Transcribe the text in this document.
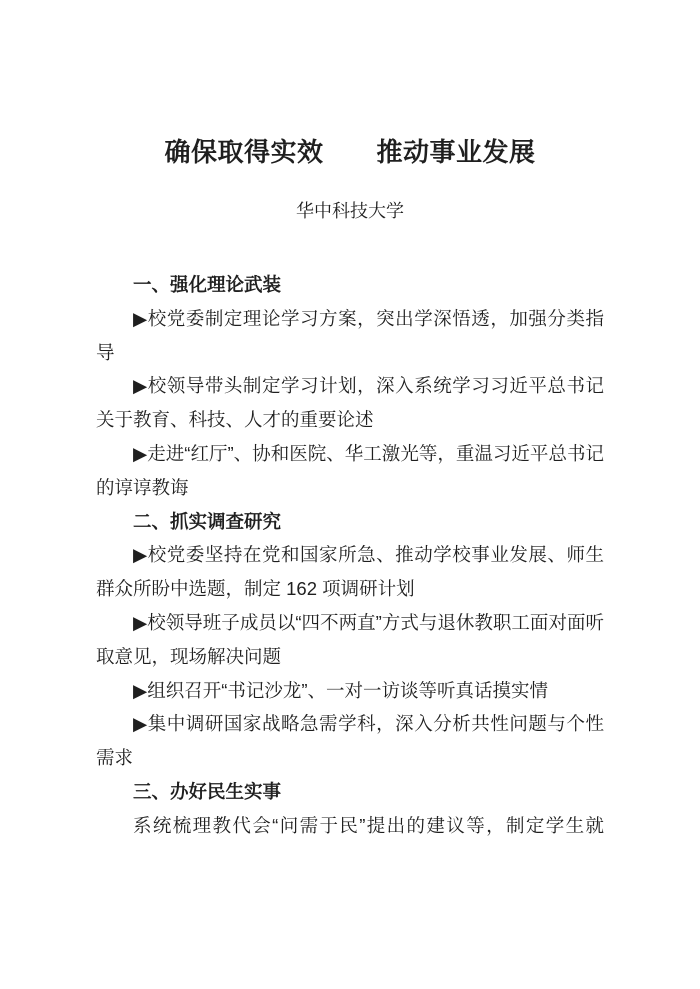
确保取得实效　　推动事业发展
华中科技大学

一、强化理论武装

▶校党委制定理论学习方案，突出学深悟透，加强分类指导

▶校领导带头制定学习计划，深入系统学习习近平总书记关于教育、科技、人才的重要论述

▶走进“红厅”、协和医院、华工激光等，重温习近平总书记的谆谆教诲

二、抓实调查研究

▶校党委坚持在党和国家所急、推动学校事业发展、师生群众所盼中选题，制定 162 项调研计划

▶校领导班子成员以“四不两直”方式与退休教职工面对面听取意见，现场解决问题

▶组织召开“书记沙龙”、一对一访谈等听真话摸实情

▶集中调研国家战略急需学科，深入分析共性问题与个性需求

三、办好民生实事

系统梳理教代会“问需于民”提出的建议等，制定学生就
